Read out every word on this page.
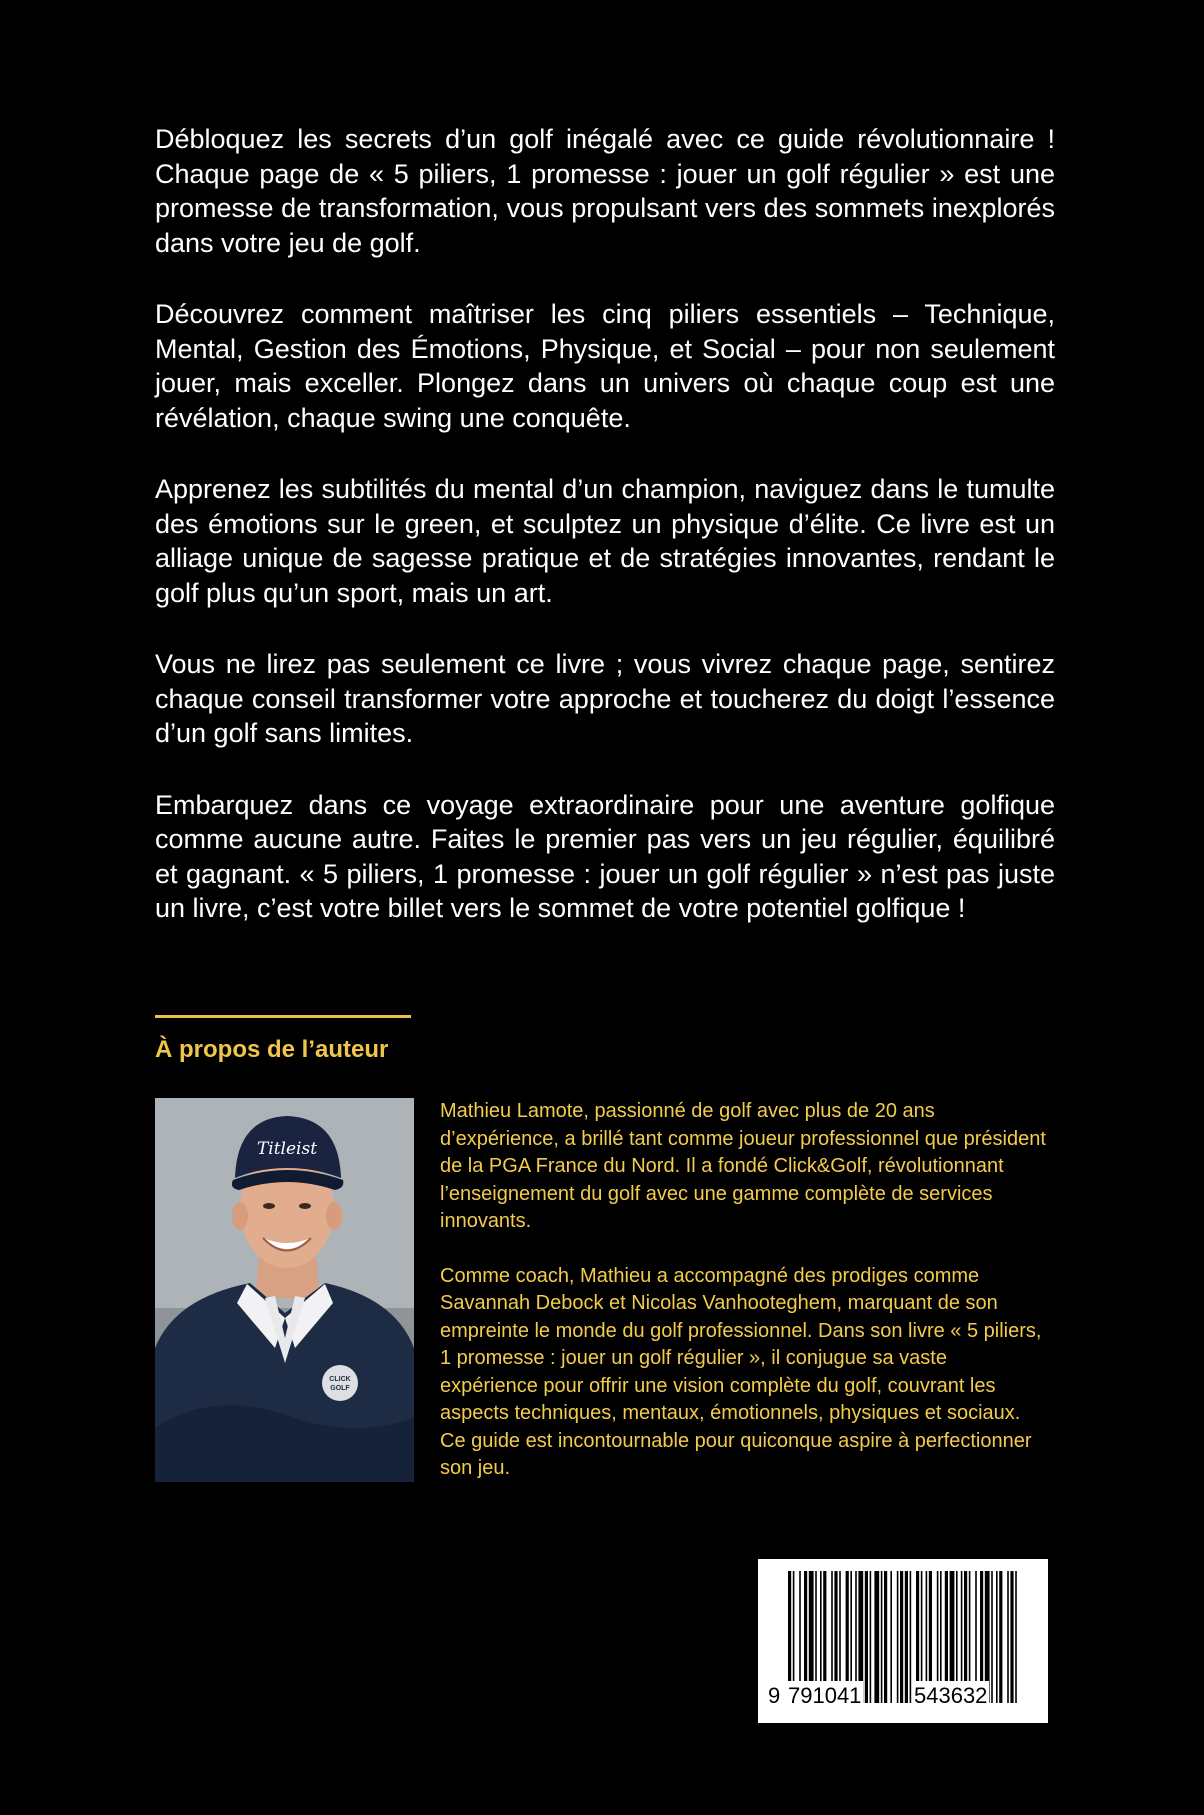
Débloquez les secrets d’un golf inégalé avec ce guide révolutionnaire ! Chaque page de « 5 piliers, 1 promesse : jouer un golf régulier » est une promesse de transformation, vous propulsant vers des sommets inexplorés dans votre jeu de golf.

Découvrez comment maîtriser les cinq piliers essentiels – Technique, Mental, Gestion des Émotions, Physique, et Social – pour non seulement jouer, mais exceller. Plongez dans un univers où chaque coup est une révélation, chaque swing une conquête.

Apprenez les subtilités du mental d’un champion, naviguez dans le tumulte des émotions sur le green, et sculptez un physique d’élite. Ce livre est un alliage unique de sagesse pratique et de stratégies innovantes, rendant le golf plus qu’un sport, mais un art.

Vous ne lirez pas seulement ce livre ; vous vivrez chaque page, sentirez chaque conseil transformer votre approche et toucherez du doigt l’essence d’un golf sans limites.

Embarquez dans ce voyage extraordinaire pour une aventure golfique comme aucune autre. Faites le premier pas vers un jeu régulier, équilibré et gagnant. « 5 piliers, 1 promesse : jouer un golf régulier » n’est pas juste un livre, c’est votre billet vers le sommet de votre potentiel golfique !

À propos de l’auteur
CLICK
GOLF
Titleist

Mathieu Lamote, passionné de golf avec plus de 20 ans d’expérience, a brillé tant comme joueur professionnel que président de la PGA France du Nord. Il a fondé Click&Golf, révolutionnant l’enseignement du golf avec une gamme complète de services innovants.

Comme coach, Mathieu a accompagné des prodiges comme Savannah Debock et Nicolas Vanhooteghem, marquant de son empreinte le monde du golf professionnel. Dans son livre « 5 piliers, 1 promesse : jouer un golf régulier », il conjugue sa vaste expérience pour offrir une vision complète du golf, couvrant les aspects techniques, mentaux, émotionnels, physiques et sociaux. Ce guide est incontournable pour quiconque aspire à perfectionner son jeu.

9 791041 543632
